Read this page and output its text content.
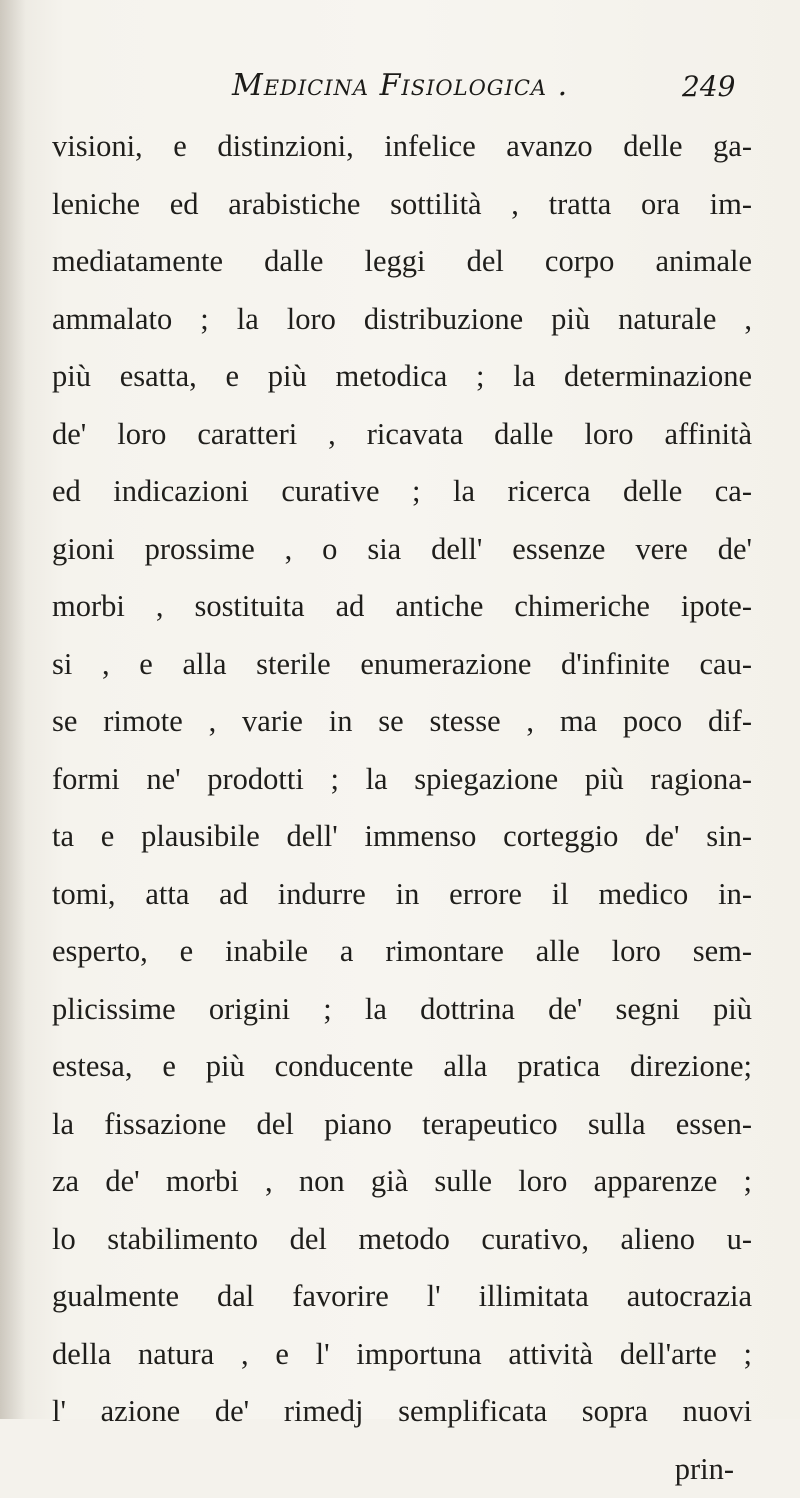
Medicina Fisiologica .	249
visioni, e distinzioni, infelice avanzo delle ga-
leniche ed arabistiche sottilità , tratta ora im-
mediatamente dalle leggi del corpo animale
ammalato ; la loro distribuzione più naturale ,
più esatta, e più metodica ; la determinazione
de' loro caratteri , ricavata dalle loro affinità
ed indicazioni curative ; la ricerca delle ca-
gioni prossime , o sia dell' essenze vere de'
morbi , sostituita ad antiche chimeriche ipote-
si , e alla sterile enumerazione d'infinite cau-
se rimote , varie in se stesse , ma poco dif-
formi ne' prodotti ; la spiegazione più ragiona-
ta e plausibile dell' immenso corteggio de' sin-
tomi, atta ad indurre in errore il medico in-
esperto, e inabile a rimontare alle loro sem-
plicissime origini ; la dottrina de' segni più
estesa, e più conducente alla pratica direzione;
la fissazione del piano terapeutico sulla essen-
za de' morbi , non già sulle loro apparenze ;
lo stabilimento del metodo curativo, alieno u-
gualmente dal favorire l' illimitata autocrazia
della natura , e l' importuna attività dell'arte ;
l' azione de' rimedj semplificata sopra nuovi
prin-
